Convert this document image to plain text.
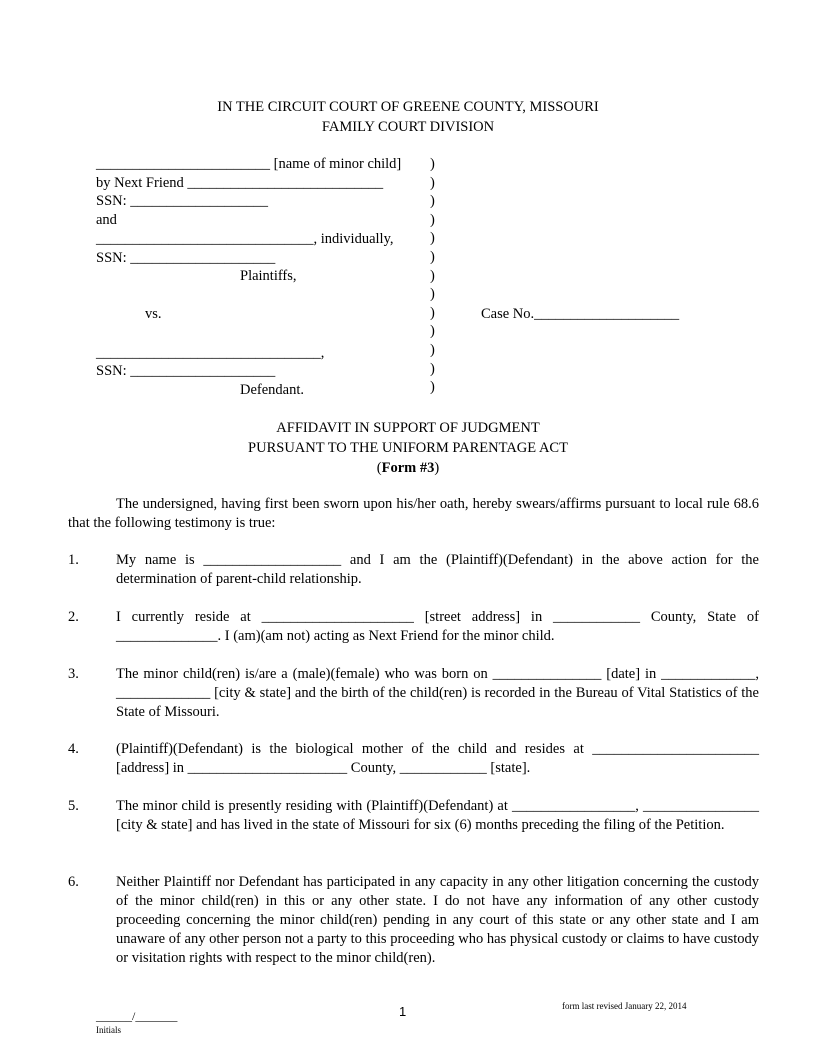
IN THE CIRCUIT COURT OF GREENE COUNTY, MISSOURI
FAMILY COURT DIVISION
________________________ [name of minor child]
by Next Friend ___________________________
SSN: ___________________
and
______________________________, individually,
SSN: ____________________
Plaintiffs,
vs.
_______________________________,
SSN: ____________________
Defendant.
)
)
)
)
)
)
)
)
)
)
)
)
)
Case No.____________________
AFFIDAVIT IN SUPPORT OF JUDGMENT
PURSUANT TO THE UNIFORM PARENTAGE ACT
(Form #3)
The undersigned, having first been sworn upon his/her oath, hereby swears/affirms pursuant to local rule 68.6 that the following testimony is true:
1.	My name is ___________________ and I am the (Plaintiff)(Defendant) in the above action for the determination of parent-child relationship.
2.	I currently reside at _____________________ [street address] in ____________ County, State of ______________. I (am)(am not) acting as Next Friend for the minor child.
3.	The minor child(ren) is/are a (male)(female) who was born on _______________ [date] in _____________, _____________ [city & state] and the birth of the child(ren) is recorded in the Bureau of Vital Statistics of the State of Missouri.
4.	(Plaintiff)(Defendant) is the biological mother of the child and resides at _______________________ [address] in ______________________ County, ____________ [state].
5.	The minor child is presently residing with (Plaintiff)(Defendant) at _________________, ________________ [city & state] and has lived in the state of Missouri for six (6) months preceding the filing of the Petition.
6.	Neither Plaintiff nor Defendant has participated in any capacity in any other litigation concerning the custody of the minor child(ren) in this or any other state. I do not have any information of any other custody proceeding concerning the minor child(ren) pending in any court of this state or any other state and I am unaware of any other person not a party to this proceeding who has physical custody or claims to have custody or visitation rights with respect to the minor child(ren).
1	form last revised January 22, 2014
______/_______
Initials
